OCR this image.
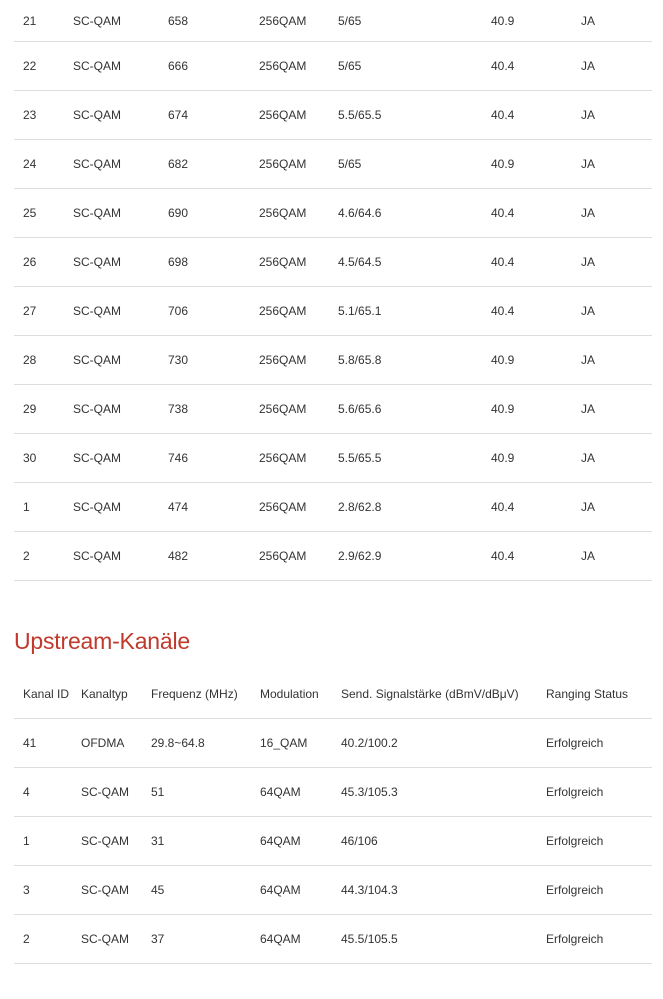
21	SC-QAM	658	256QAM	5/65	40.9	JA
22	SC-QAM	666	256QAM	5/65	40.4	JA
23	SC-QAM	674	256QAM	5.5/65.5	40.4	JA
24	SC-QAM	682	256QAM	5/65	40.9	JA
25	SC-QAM	690	256QAM	4.6/64.6	40.4	JA
26	SC-QAM	698	256QAM	4.5/64.5	40.4	JA
27	SC-QAM	706	256QAM	5.1/65.1	40.4	JA
28	SC-QAM	730	256QAM	5.8/65.8	40.9	JA
29	SC-QAM	738	256QAM	5.6/65.6	40.9	JA
30	SC-QAM	746	256QAM	5.5/65.5	40.9	JA
1	SC-QAM	474	256QAM	2.8/62.8	40.4	JA
2	SC-QAM	482	256QAM	2.9/62.9	40.4	JA
Upstream-Kanäle
Kanal ID	Kanaltyp	Frequenz (MHz)	Modulation	Send. Signalstärke (dBmV/dBμV)	Ranging Status
41	OFDMA	29.8~64.8	16_QAM	40.2/100.2	Erfolgreich
4	SC-QAM	51	64QAM	45.3/105.3	Erfolgreich
1	SC-QAM	31	64QAM	46/106	Erfolgreich
3	SC-QAM	45	64QAM	44.3/104.3	Erfolgreich
2	SC-QAM	37	64QAM	45.5/105.5	Erfolgreich
